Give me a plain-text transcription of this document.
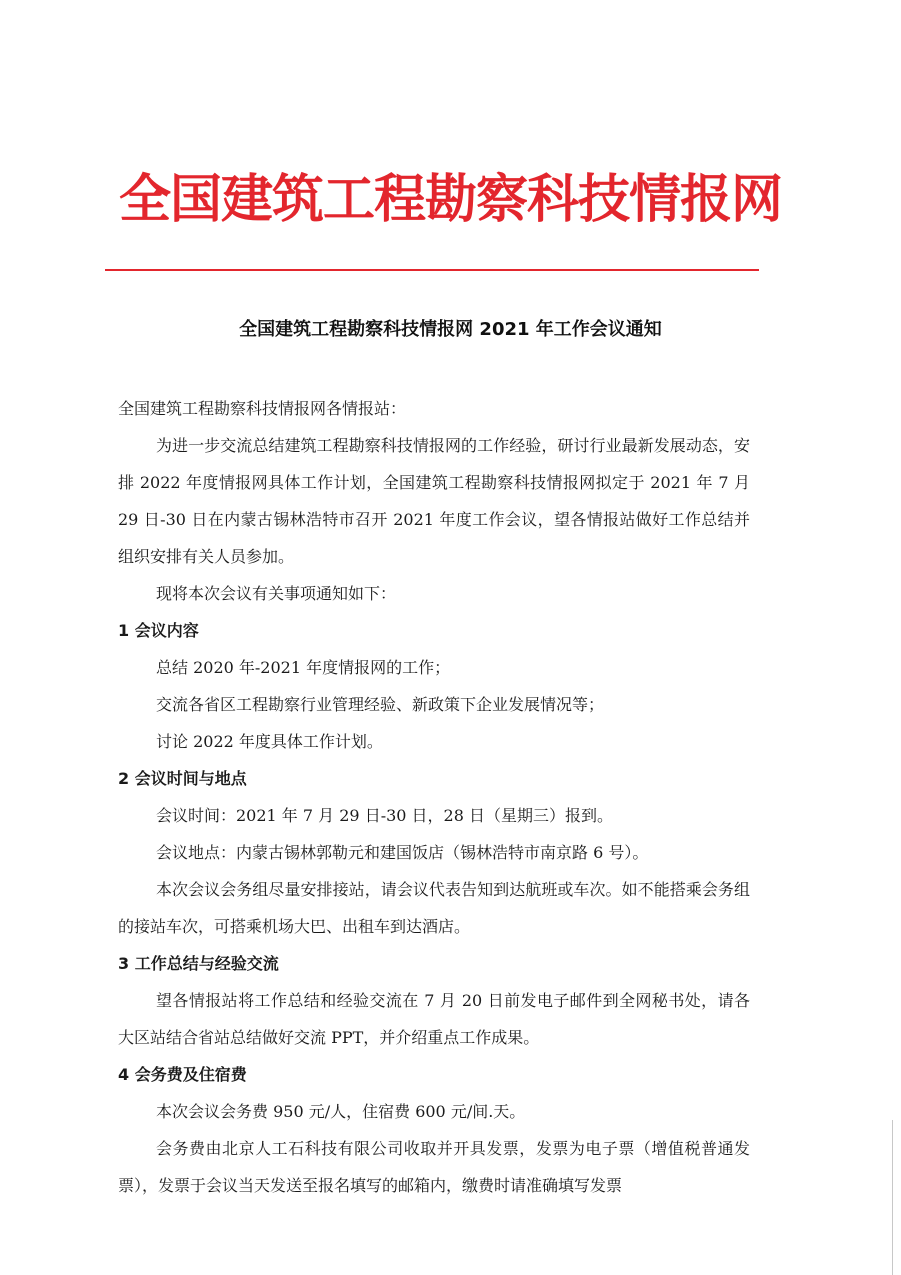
全国建筑工程勘察科技情报网
全国建筑工程勘察科技情报网 2021 年工作会议通知

全国建筑工程勘察科技情报网各情报站：

为进一步交流总结建筑工程勘察科技情报网的工作经验，研讨行业最新发展动态，安排 2022 年度情报网具体工作计划，全国建筑工程勘察科技情报网拟定于 2021 年 7 月 29 日-30 日在内蒙古锡林浩特市召开 2021 年度工作会议，望各情报站做好工作总结并组织安排有关人员参加。

现将本次会议有关事项通知如下：

1 会议内容

总结 2020 年-2021 年度情报网的工作；

交流各省区工程勘察行业管理经验、新政策下企业发展情况等；

讨论 2022 年度具体工作计划。

2 会议时间与地点

会议时间：2021 年 7 月 29 日-30 日，28 日（星期三）报到。

会议地点：内蒙古锡林郭勒元和建国饭店（锡林浩特市南京路 6 号）。

本次会议会务组尽量安排接站，请会议代表告知到达航班或车次。如不能搭乘会务组的接站车次，可搭乘机场大巴、出租车到达酒店。

3 工作总结与经验交流

望各情报站将工作总结和经验交流在 7 月 20 日前发电子邮件到全网秘书处，请各大区站结合省站总结做好交流 PPT，并介绍重点工作成果。

4 会务费及住宿费

本次会议会务费 950 元/人，住宿费 600 元/间.天。

会务费由北京人工石科技有限公司收取并开具发票，发票为电子票（增值税普通发票），发票于会议当天发送至报名填写的邮箱内，缴费时请准确填写发票
